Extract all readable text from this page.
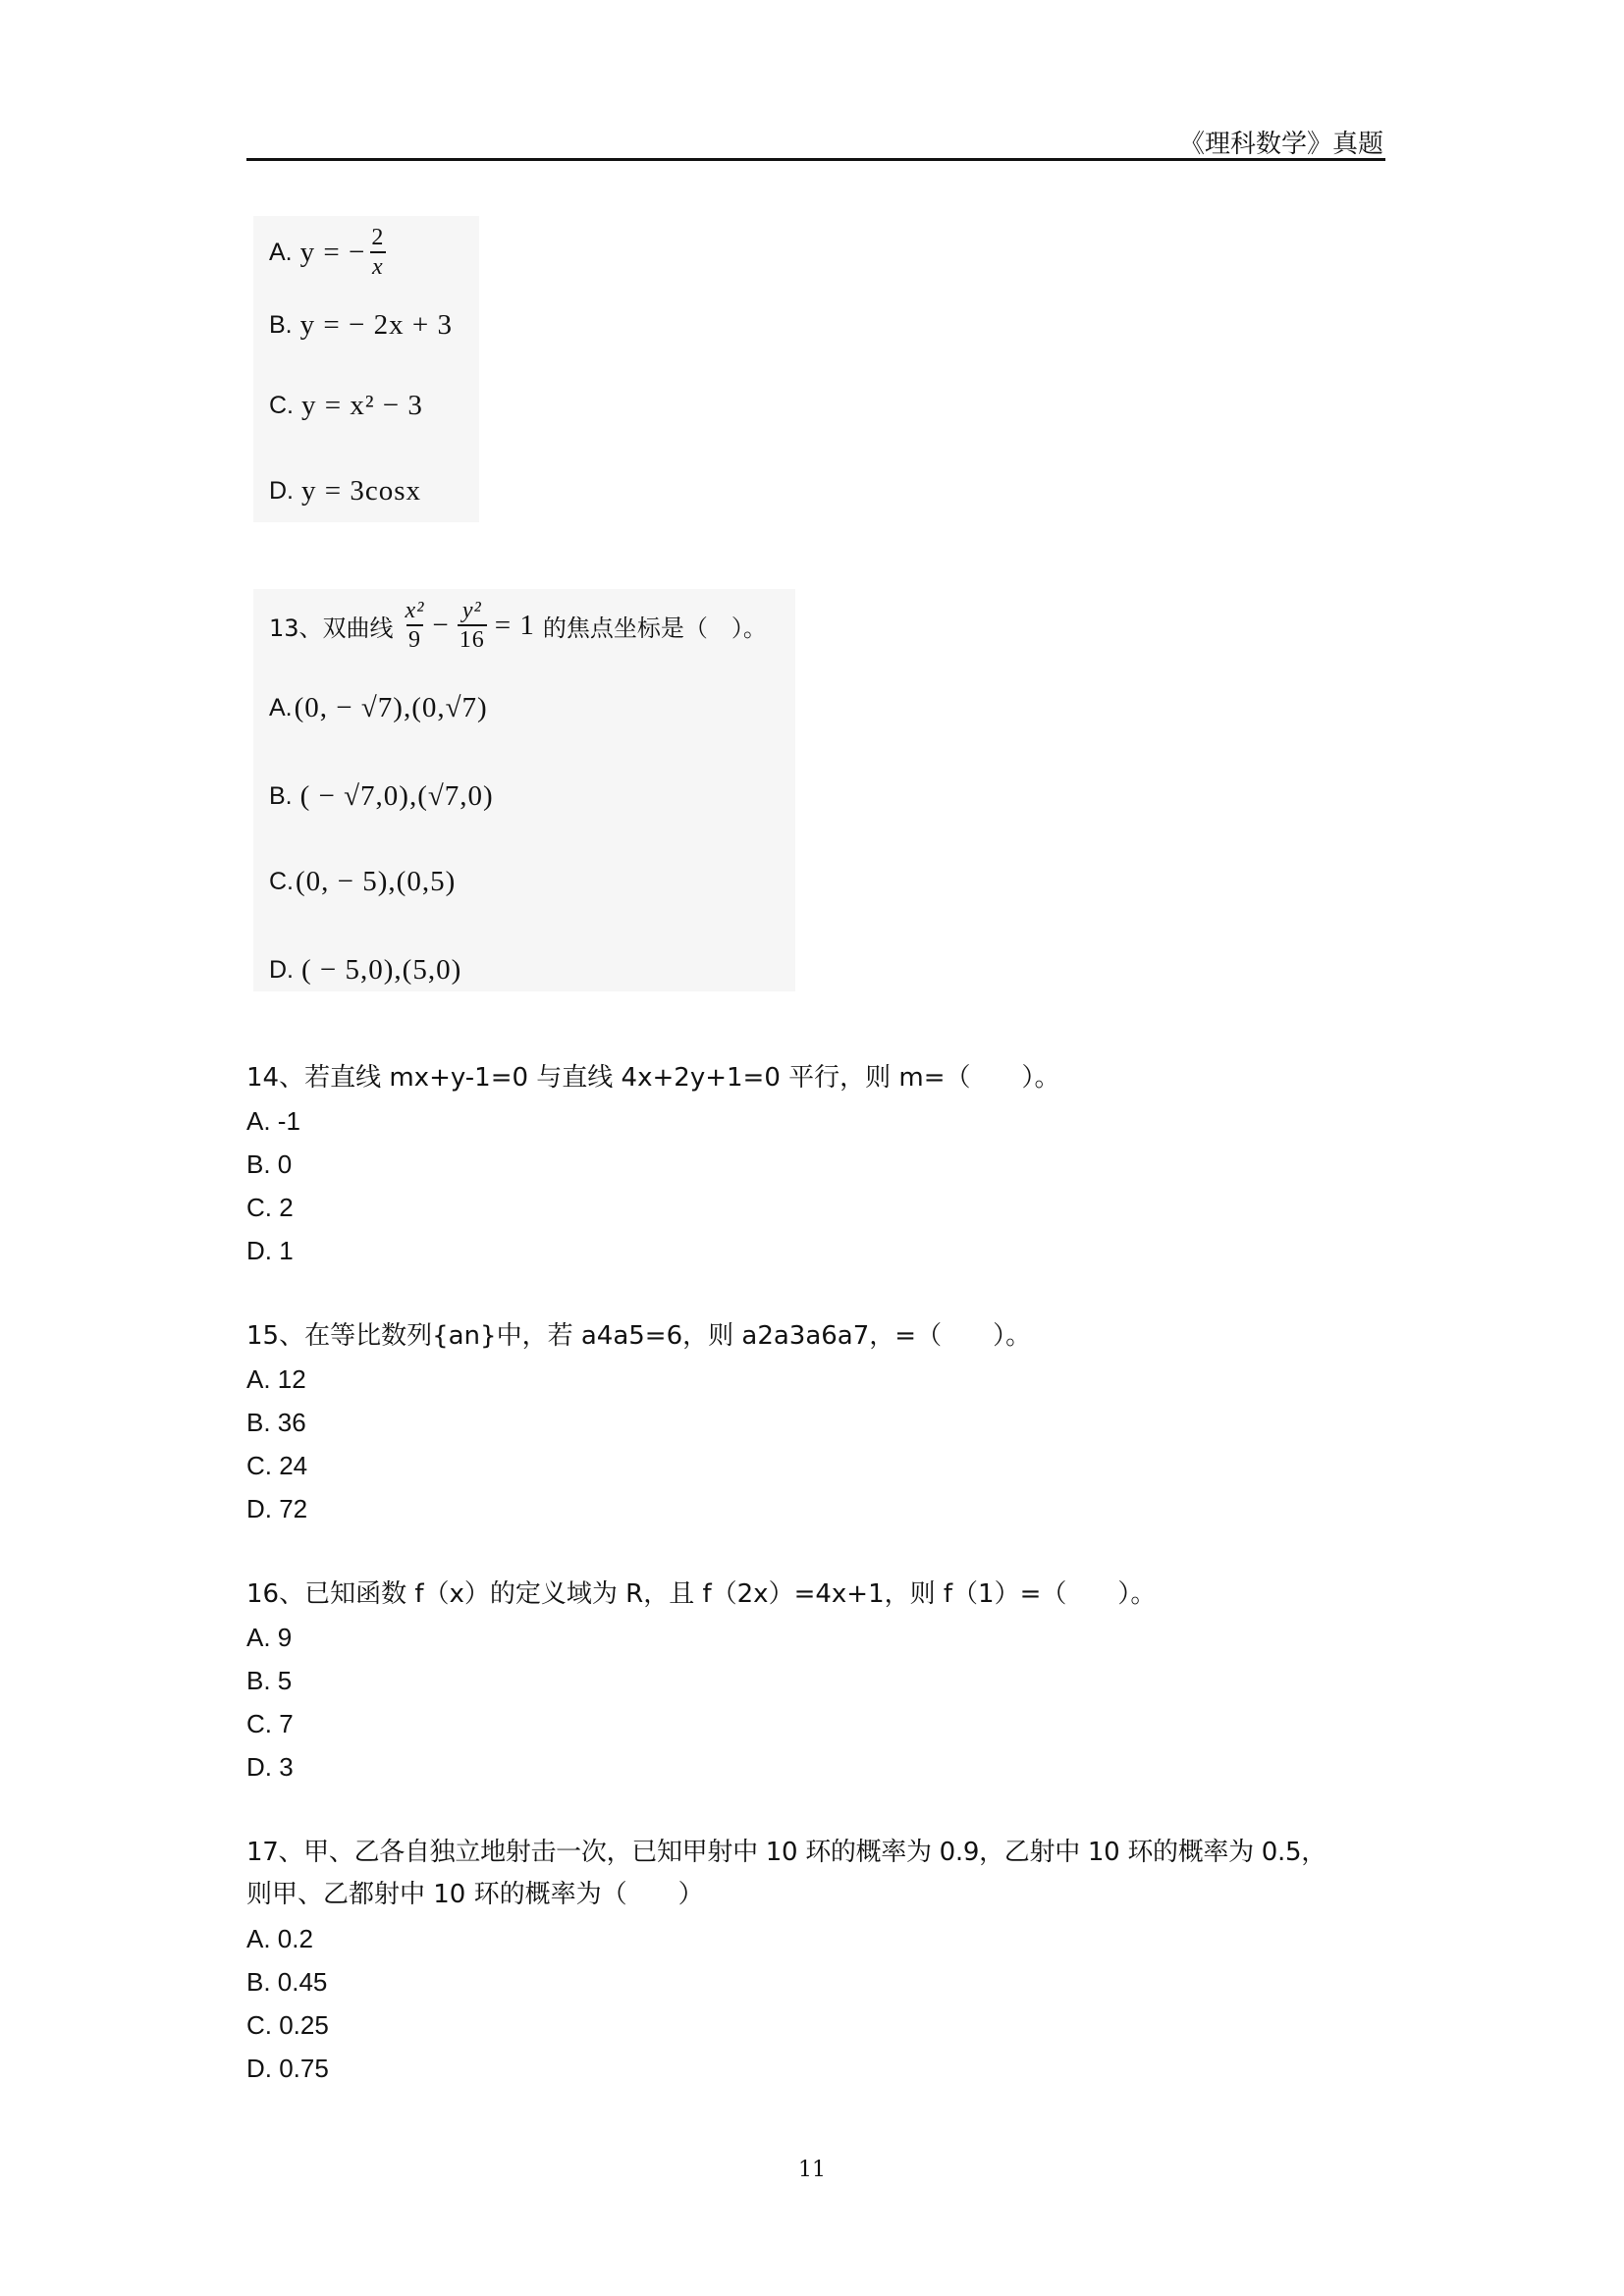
《理科数学》真题
A. y = − $\frac{2}{x}$
B. y = − 2x + 3
C. y = x² − 3
D. y = 3cosx
13、双曲线 $\frac{\text{x²}}{9} - \frac{\text{y²}}{16} = 1$ 的焦点坐标是（　）。
A. (0, − √7),(0,√7)
B. ( − √7,0),(√7,0)
C. (0, − 5),(0,5)
D. ( − 5,0),(5,0)
14、若直线 mx+y-1=0 与直线 4x+2y+1=0 平行，则 m=（　　）。
A. -1
B. 0
C. 2
D. 1
15、在等比数列{an}中，若 a4a5=6，则 a2a3a6a7，=（　　）。
A. 12
B. 36
C. 24
D. 72
16、已知函数 f（x）的定义域为 R，且 f（2x）=4x+1，则 f（1）=（　　）。
A. 9
B. 5
C. 7
D. 3
17、甲、乙各自独立地射击一次，已知甲射中 10 环的概率为 0.9，乙射中 10 环的概率为 0.5，
则甲、乙都射中 10 环的概率为（　　）
A. 0.2
B. 0.45
C. 0.25
D. 0.75
11
